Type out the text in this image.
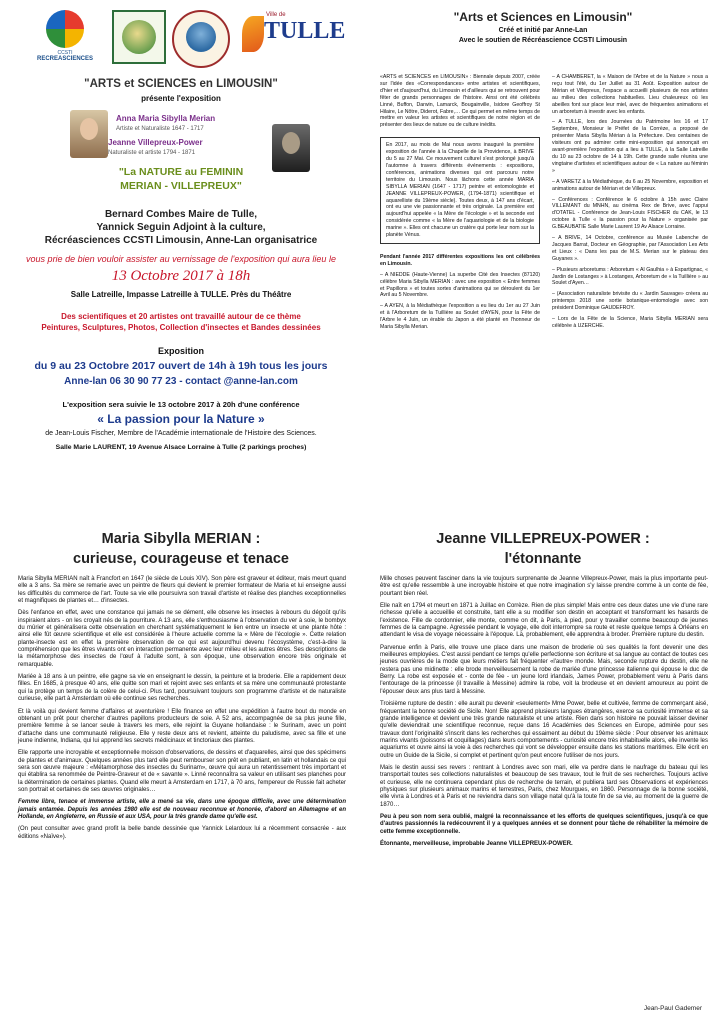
CCSTI
RECREASCIENCES
Ville de
TULLE
"ARTS et SCIENCES en LIMOUSIN"
présente l'exposition
Anna Maria Sibylla Merian
Artiste et Naturaliste 1647 - 1717
Jeanne Villepreux-Power
Naturaliste et artiste 1794 - 1871
"La NATURE au FEMININ
MERIAN - VILLEPREUX"
Bernard Combes Maire de Tulle,
Yannick Seguin Adjoint à la culture,
Récréasciences CCSTI Limousin, Anne-Lan organisatrice
vous prie de bien vouloir assister au vernissage de l'exposition qui aura lieu le
13 Octobre 2017 à 18h
Salle Latreille, Impasse Latreille à TULLE. Près du Théâtre
Des scientifiques et 20 artistes ont travaillé autour de ce thème
Peintures, Sculptures, Photos, Collection d'insectes et Bandes dessinées
Exposition
du 9 au 23 Octobre 2017 ouvert de 14h à 19h tous les jours
Anne-lan 06 30 90 77 23 - contact @anne-lan.com
L'exposition sera suivie le 13 octobre 2017 à 20h d'une conférence
« La passion pour la Nature »
de Jean-Louis Fischer, Membre de l'Académie internationale de l'Histoire des Sciences.
Salle Marie LAURENT, 19 Avenue Alsace Lorraine à Tulle (2 parkings proches)
"Arts et Sciences en Limousin"
Créé et initié par Anne-Lan
Avec le soutien de Récréascience CCSTI Limousin

«ARTS et SCIENCES en LIMOUSIN» : Biennale depuis 2007, créée sur l'idée des «Correspondances» entre artistes et scientifiques, d'hier et d'aujourd'hui, du Limousin et d'ailleurs qui se retrouvent pour fêter de grands personnages de l'histoire. Ainsi ont été célébrés Linné, Buffon, Darwin, Lamarck, Bougainville, Isidore Geoffroy St Hilaire, Le Nôtre, Diderot, Fabre,… Ce qui permet en même temps de mettre en valeur les artistes et scientifiques de notre région et de présenter des lieux de nature ou de culture inédits.

En 2017, au mois de Mai nous avons inauguré la première exposition de l'année à la Chapelle de la Providence, à BRIVE du 5 au 27 Mai. Ce mouvement culturel s'est prolongé jusqu'à l'automne à travers différents événements : expositions, conférences, animations diverses qui ont parcouru notre territoire du Limousin. Nous lâchons cette année MARIA SIBYLLA MERIAN (1647 - 1717) peintre et entomologiste et JEANNE VILLEPREUX-POWER, (1794-1871) scientifique et aquarelliste du 19ème siècle). Toutes deux, à 147 ans d'écart, ont eu une vie passionnante et très originale. La première est aujourd'hui appelée « la Mère de l'écologie » et la seconde est considérée comme « la Mère de l'aquariologie et de la biologie marine ». Elles ont chacune un cratère qui porte leur nom sur la planète Vénus.

Pendant l'année 2017 différentes expositions les ont célébrées en Limousin.

– A NIEDDE (Haute-Vienne) La superbe Cité des Insectes (87120) célèbre Maria Sibylla MERIAN : avec une exposition « Entre femmes et Papillons » et toutes sortes d'animations qui se déroulent du 1er Avril au 5 Novembre.

– A AYEN, à la Médiathèque l'exposition a eu lieu du 1er au 27 Juin et à l'Arboretum de la Tuillière au Soulet d'AYEN, pour la Fête de l'Arbre le 4 Juin, un érable du Japon a été planté en l'honneur de Maria Sibylla Merian.

– A CHAMBERET, la « Maison de l'Arbre et de la Nature » nous a reçu tout l'été, du 1er Juillet au 31 Août. Exposition autour de Mérian et Villepreux, l'espace a accueilli plusieurs de nos artistes au milieu des collections habituelles. Lieu chaleureux où les abeilles font sur place leur miel, avec de fréquentes animations et un arboretum à investir avec les enfants.

– A TULLE, lors des Journées du Patrimoine les 16 et 17 Septembre, Monsieur le Préfet de la Corrèze, a proposé de présenter Maria Sibylla Mérian à la Préfecture. Des centaines de visiteurs ont pu admirer cette mini-exposition qui annonçait en avant-première l'exposition qui a lieu à TULLE, à la Salle Latreille du 10 au 23 octobre de 14 à 19h. Cette grande salle réunira une vingtaine d'artistes et scientifiques autour de « La nature au féminin »

– A VARETZ à la Médiathèque, du 6 au 25 Novembre, exposition et animations autour de Mérian et de Villepreux.

– Conférences : Conférence le 6 octobre à 15h avec Claire VILLEMANT du MNHN, au cinéma Rex de Brive, avec l'appui d'OTATEL - Conférence de Jean-Louis FISCHER du CAK, le 13 octobre à Tulle « la passion pour la Nature » organisée par G.BEAUBATIE Salle Marie Laurent 19 Av Alsace Lorraine.

– A BRIVE, 14 Octobre, conférence au Musée Labenche de Jacques Barrat, Docteur en Géographie, par l'Association Les Arts et Lieux : « Dans les pas de M.S. Merian sur le plateau des Guyanes ».

– Plusieurs arboretums : Arboretum « Al Gaulhia » à Espartignac, « Jardin de Lostanges » à Lostanges, Arboretum de « la Tuillière » au Soulet d'Ayen…

– (Association naturaliste brivisite du « Jardin Sauvage» créera au printemps 2018 une sortie botanique-entomologie avec son président Dominique GAUDEFROY.

– Lors de la Fête de la Science, Maria Sibylla MERIAN sera célébrée à UZERCHE.

Maria Sibylla MERIAN :
curieuse, courageuse et tenace

Maria Sibylla MERIAN naît à Francfort en 1647 (le siècle de Louis XIV). Son père est graveur et éditeur, mais meurt quand elle a 3 ans. Sa mère se remarie avec un peintre de fleurs qui devient le premier formateur de Maria et lui enseigne aussi les difficultés du commerce de l'art. Toute sa vie elle poursuivra son travail d'artiste et réalise des planches exceptionnelles et magnifiques de plantes et… d'insectes.

Dès l'enfance en effet, avec une constance qui jamais ne se dément, elle observe les insectes à rebours du dégoût qu'ils inspiraient alors - on les croyait nés de la pourriture. A 13 ans, elle s'enthousiasme à l'observation du ver à soie, le bombyx du mûrier et généralisera cette observation en cherchant systématiquement le lien entre un insecte et une plante hôte : ainsi elle fût œuvre scientifique et elle est considérée à l'heure actuelle comme la « Mère de l'écologie ». Cette relation plante-insecte est en effet la première observation de ce qui est aujourd'hui devenu l'écosystème, c'est-à-dire la compréhension que les êtres vivants ont en interaction permanente avec leur milieu et les autres êtres. Ses descriptions de la métamorphose des insectes de l'œuf à l'adulte sont, à son époque, une observation encore très originale et remarquable.

Mariée à 18 ans à un peintre, elle gagne sa vie en enseignant le dessin, la peinture et la broderie. Elle a rapidement deux filles. En 1685, à presque 40 ans, elle quitte son mari et rejoint avec ses enfants et sa mère une communauté protestante qui la protège un temps de la colère de celui-ci. Plus tard, poursuivant toujours son programme d'artiste et de naturaliste curieuse, elle part à Amsterdam où elle continue ses recherches.

Et là voilà qui devient femme d'affaires et aventurière ! Elle finance en effet une expédition à l'autre bout du monde en obtenant un prêt pour chercher d'autres papillons producteurs de soie. A 52 ans, accompagnée de sa plus jeune fille, première femme à se lancer seule à travers les mers, elle rejoint la Guyane hollandaise : le Surinam, avec un point d'attache dans une communauté religieuse. Elle y reste deux ans et revient, atteinte du paludisme, avec sa fille et une jeune indienne, Indiana, qui lui apprend les secrets médicinaux et tinctoriaux des plantes.

Elle rapporte une incroyable et exceptionnelle moisson d'observations, de dessins et d'aquarelles, ainsi que des spécimens de plantes et d'animaux. Quelques années plus tard elle peut rembourser son prêt en publiant, en latin et hollandais ce qui sera son œuvre majeure : «Métamorphose des insectes du Surinam», œuvre qui aura un retentissement très important et qui établira sa renommée de Peintre-Graveur et de « savante ». Linné reconnaîtra sa valeur en utilisant ses planches pour la détermination de certaines plantes. Quand elle meurt à Amsterdam en 1717, à 70 ans, l'empereur de Russie fait acheter son portrait et certaines de ses œuvres originales…

Femme libre, tenace et immense artiste, elle a mené sa vie, dans une époque difficile, avec une détermination jamais entamée. Depuis les années 1980 elle est de nouveau reconnue et honorée, d'abord en Allemagne et en Hollande, en Angleterre, en Russie et aux USA, pour la très grande dame qu'elle est.

(On peut consulter avec grand profit la belle bande dessinée que Yannick Lelardoux lui a récemment consacrée - aux éditions «Naïve»).

Jeanne VILLEPREUX-POWER :
l'étonnante

Mille choses peuvent fasciner dans la vie toujours surprenante de Jeanne Villepreux-Power, mais la plus importante peut-être est qu'elle ressemble à une incroyable histoire et que notre imagination s'y laisse prendre comme à un conte de fée, pourtant bien réel.

Elle naît en 1794 et meurt en 1871 à Juillac en Corrèze. Rien de plus simple! Mais entre ces deux dates une vie d'une rare richesse qu'elle a accueillie et construite, tant elle a su modifier son destin en acceptant et transformant les hasards de l'existence. Fille de cordonnier, elle monte, comme on dit, à Paris, à pied, pour y travailler comme beaucoup de jeunes femmes de la campagne. Agressée pendant le voyage, elle doit interrompre sa route et reste quelque temps à Orléans en attendant le visa de voyage nécessaire à l'époque. Là, probablement, elle apprendra à broder. Première rupture du destin.

Parvenue enfin à Paris, elle trouve une place dans une maison de broderie où ses qualités la font devenir une des meilleures employées. C'est aussi pendant ce temps qu'elle perfectionne son écriture et sa langue au contact de toutes ces jeunes ouvrières de la mode que leurs métiers fait fréquenter «l'autre» monde. Mais, seconde rupture du destin, elle ne restera pas une midinette : elle brode merveilleusement la robe de mariée d'une princesse italienne qui épouse le duc de Berry. La robe est exposée et - conte de fée - un jeune lord irlandais, James Power, probablement venu à Paris dans l'entourage de la princesse (il travaille à Messine) admire la robe, voit la brodeuse et en devient amoureux au point de l'épouser deux ans plus tard à Messine.

Troisième rupture de destin : elle aurait pu devenir «seulement» Mme Power, belle et cultivée, femme de commerçant aisé, fréquentant la bonne société de Sicile. Non! Elle apprend plusieurs langues étrangères, exerce sa curiosité immense et sa grande intelligence et devient une très grande naturaliste et une artiste. Rien dans son histoire ne pouvait laisser deviner qu'elle deviendrait une scientifique reconnue, reçue dans 16 Académies des Sciences en Europe, admirée pour ses travaux dont l'originalité s'inscrit dans les recherches qui essaiment au début du 19ème siècle : Pour observer les animaux marins vivants (poissons et coquillages) dans leurs comportements - curiosité encore très inhabituelle alors, elle invente les aquariums et ouvre ainsi la voie à des recherches qui vont se développer ensuite dans les stations maritimes. Elle écrit en outre un Guide de la Sicile, si complet et pertinent qu'on peut encore l'utiliser de nos jours.

Mais le destin aussi ses revers : rentrant à Londres avec son mari, elle va perdre dans le naufrage du bateau qui les transportait toutes ses collections naturalistes et beaucoup de ses travaux, tout le fruit de ses recherches. Toujours active et curieuse, elle ne continuera cependant plus de recherche de terrain, et publiera tard ses Observations et expériences physiques sur plusieurs animaux marins et terrestres, Paris, chez Mourgues, en 1860. Personnage de la bonne société, elle vivra à Londres et à Paris et ne reviendra dans son village natal qu'à la toute fin de sa vie, au moment de la guerre de 1870…

Peu à peu son nom sera oublié, malgré la reconnaissance et les efforts de quelques scientifiques, jusqu'à ce que d'autres passionnés la redécouvrent il y a quelques années et se donnent pour tâche de réhabiliter la mémoire de cette femme exceptionnelle.

Étonnante, merveilleuse, improbable Jeanne VILLEPREUX-POWER.

Jean-Paul Gademer
